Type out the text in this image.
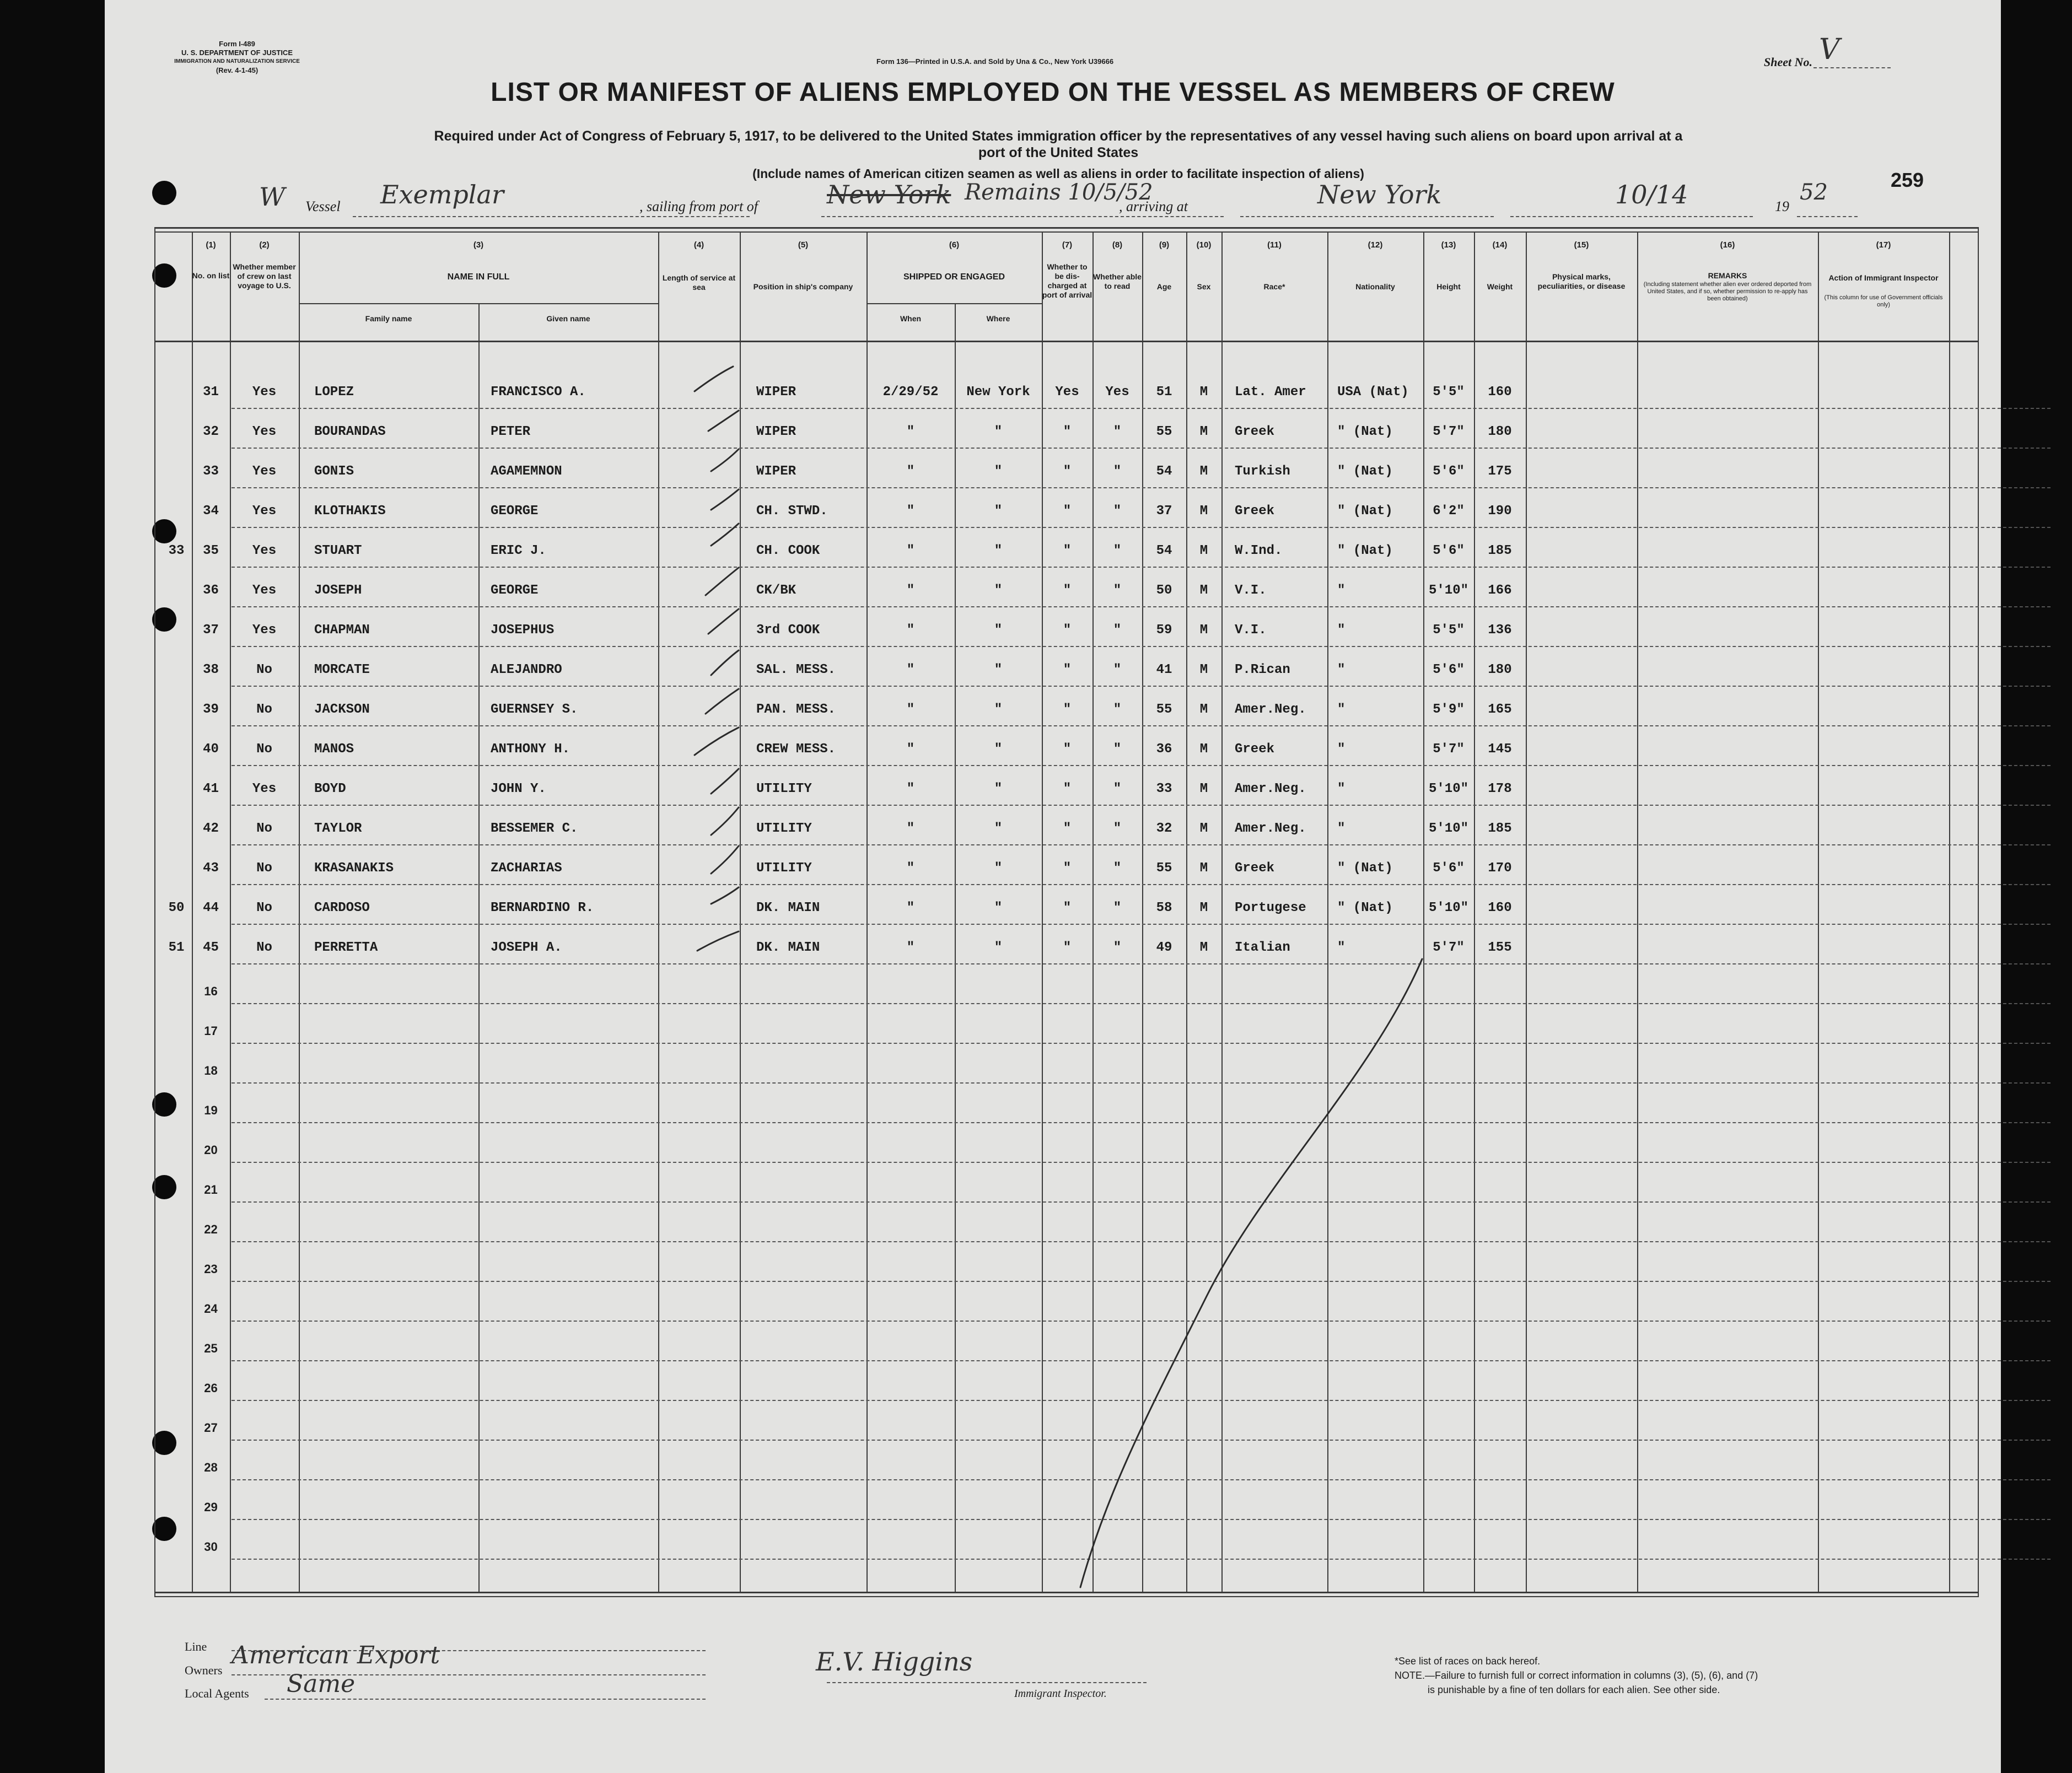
Form I-489
U. S. DEPARTMENT OF JUSTICE
IMMIGRATION AND NATURALIZATION SERVICE
(Rev. 4-1-45)
Form 136—Printed in U.S.A. and Sold by Una & Co., New York U39666	Sheet No. V
LIST OR MANIFEST OF ALIENS EMPLOYED ON THE VESSEL AS MEMBERS OF CREW
Required under Act of Congress of February 5, 1917, to be delivered to the United States immigration officer by the representatives of any vessel having such aliens on board upon arrival at a
port of the United States
(Include names of American citizen seamen as well as aliens in order to facilitate inspection of aliens)	259
W Vessel Exemplar	, sailing from port of	New York Remains 10/5/52
, arriving at	New York	10/14	19
52
(1)
No. on list
(2)
Whether member of crew on last voyage to U.S.
(3)
NAME IN FULL
Family name	Given name
(4)
Length of service at sea
(5)
Position in ship's company
(6)
SHIPPED OR ENGAGED
When	Where
(7)
Whether to be dis-charged at port of arrival
(8)
Whether able to read
(9)
Age
(10)
Sex
(11)
Race*
(12)
Nationality
(13)
Height
(14)
Weight
(15)
Physical marks, peculiarities, or disease
(16)
REMARKS
(Including statement whether alien ever ordered deported from United States, and if so, whether permission to re-apply has been obtained)
(17)
Action of Immigrant Inspector
(This column for use of Government officials only)
31	Yes	LOPEZ	FRANCISCO A.	WIPER	2/29/52	New York	Yes	Yes	51	M	Lat. Amer	USA (Nat)	5'5"	160
32	Yes	BOURANDAS	PETER	WIPER	"	"	"	"	55	M	Greek	" (Nat)	5'7"	180
33	Yes	GONIS	AGAMEMNON	WIPER	"	"	"	"	54	M	Turkish	" (Nat)	5'6"	175
34	Yes	KLOTHAKIS	GEORGE	CH. STWD.	"	"	"	"	37	M	Greek	" (Nat)	6'2"	190
33	35	Yes	STUART	ERIC J.	CH. COOK	"	"	"	"	54	M	W.Ind.	" (Nat)	5'6"	185
36	Yes	JOSEPH	GEORGE	CK/BK	"	"	"	"	50	M	V.I.	"	5'10"	166
37	Yes	CHAPMAN	JOSEPHUS	3rd COOK	"	"	"	"	59	M	V.I.	"	5'5"	136
38	No	MORCATE	ALEJANDRO	SAL. MESS.	"	"	"	"	41	M	P.Rican	"	5'6"	180
39	No	JACKSON	GUERNSEY S.	PAN. MESS.	"	"	"	"	55	M	Amer.Neg.	"	5'9"	165
40	No	MANOS	ANTHONY H.	CREW MESS.	"	"	"	"	36	M	Greek	"	5'7"	145
41	Yes	BOYD	JOHN Y.	UTILITY	"	"	"	"	33	M	Amer.Neg.	"	5'10"	178
42	No	TAYLOR	BESSEMER C.	UTILITY	"	"	"	"	32	M	Amer.Neg.	"	5'10"	185
43	No	KRASANAKIS	ZACHARIAS	UTILITY	"	"	"	"	55	M	Greek	" (Nat)	5'6"	170
50	44	No	CARDOSO	BERNARDINO R.	DK. MAIN	"	"	"	"	58	M	Portugese	" (Nat)	5'10"	160
51	45	No	PERRETTA	JOSEPH A.	DK. MAIN	"	"	"	"	49	M	Italian	"	5'7"	155
16
17
18
19
20
21
22
23
24
25
26
27
28
29
30
Line
Owners
American Export
Local Agents Same
E.V. Higgins
Immigrant Inspector.
*See list of races on back hereof.
NOTE.—Failure to furnish full or correct information in columns (3), (5), (6), and (7)
is punishable by a fine of ten dollars for each alien. See other side.
